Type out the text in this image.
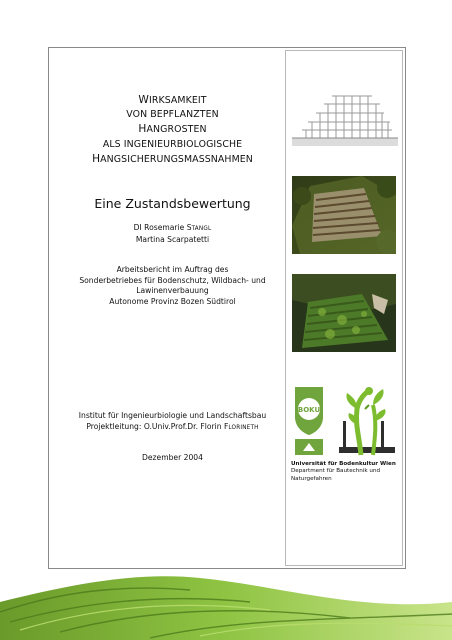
WIRKSAMKEIT
VON BEPFLANZTEN
HANGROSTEN
ALS INGENIEURBIOLOGISCHE
HANGSICHERUNGSMASSNAHMEN
Eine Zustandsbewertung
DI Rosemarie STANGL
Martina Scarpatetti
Arbeitsbericht im Auftrag des
Sonderbetriebes für Bodenschutz, Wildbach- und
Lawinenverbauung
Autonome Provinz Bozen Südtirol
Institut für Ingenieurbiologie und Landschaftsbau
Projektleitung: O.Univ.Prof.Dr. Florin FLORINETH
Dezember 2004
BOKU
Universität für Bodenkultur Wien
Department für Bautechnik und
Naturgefahren
